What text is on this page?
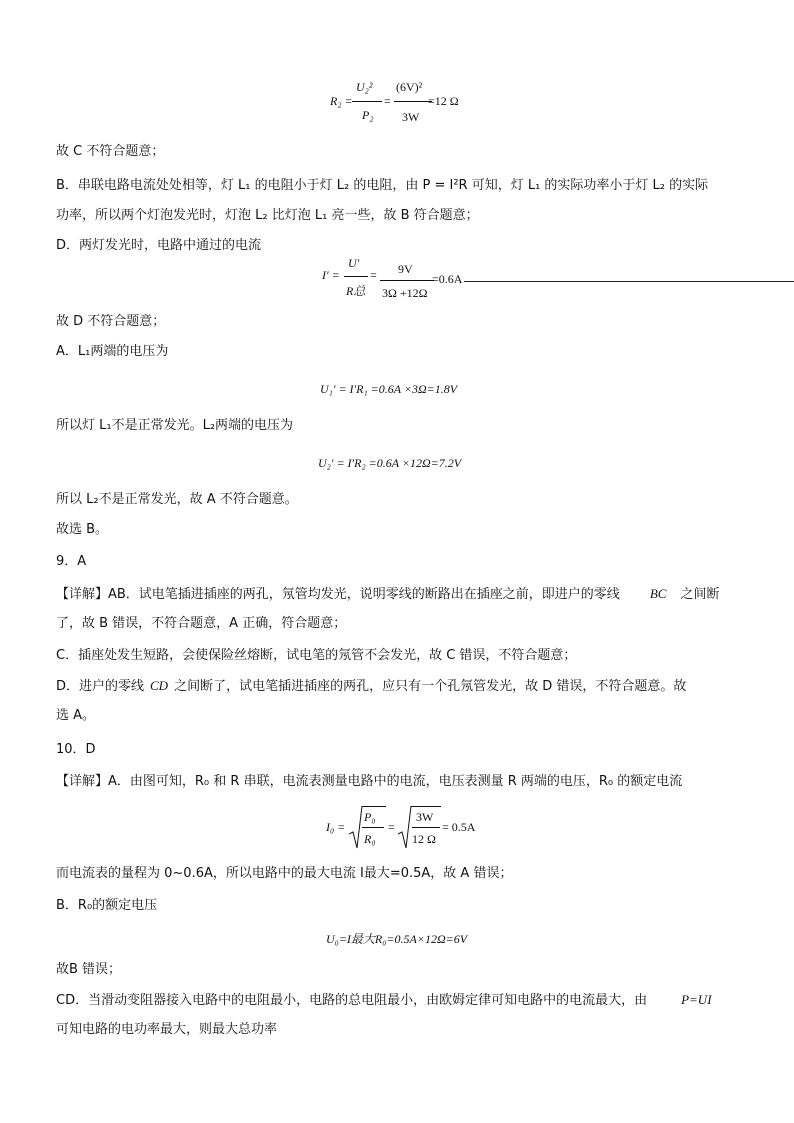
R₂ =
U₂²
P₂
=
(6V)²
3W
=12 Ω
故 C 不符合题意；
B．串联电路电流处处相等，灯 L₁ 的电阻小于灯 L₂ 的电阻，由 P = I²R 可知，灯 L₁ 的实际功率小于灯 L₂ 的实际
功率，所以两个灯泡发光时，灯泡 L₂ 比灯泡 L₁ 亮一些，故 B 符合题意；
D．两灯发光时，电路中通过的电流
I′ =
U′
R总
= 9V
3Ω +12Ω
=0.6A
故 D 不符合题意；
A．L₁两端的电压为
U₁′ = I′R₁ =0.6A ×3Ω=1.8V
所以灯 L₁不是正常发光。L₂两端的电压为
U₂′ = I′R₂ =0.6A ×12Ω=7.2V
所以 L₂不是正常发光，故 A 不符合题意。
故选 B。
9．A
【详解】AB．试电笔插进插座的两孔，氖管均发光，说明零线的断路出在插座之前，即进户的零线 BC 之间断
了，故 B 错误，不符合题意，A 正确，符合题意；
C．插座处发生短路，会使保险丝熔断，试电笔的氖管不会发光，故 C 错误，不符合题意；
D．进户的零线 CD 之间断了，试电笔插进插座的两孔，应只有一个孔氖管发光，故 D 错误，不符合题意。故
选 A。
10．D
【详解】A．由图可知，R₀ 和 R 串联，电流表测量电路中的电流，电压表测量 R 两端的电压，R₀ 的额定电流
I₀ =
P₀
R₀
=
3W
12 Ω
= 0.5A
而电流表的量程为 0~0.6A，所以电路中的最大电流 I最大=0.5A，故 A 错误；
B．R₀的额定电压
U₀=I最大R₀=0.5A×12Ω=6V
故B 错误；
CD．当滑动变阻器接入电路中的电阻最小，电路的总电阻最小，由欧姆定律可知电路中的电流最大，由	P=UI
可知电路的电功率最大，则最大总功率
